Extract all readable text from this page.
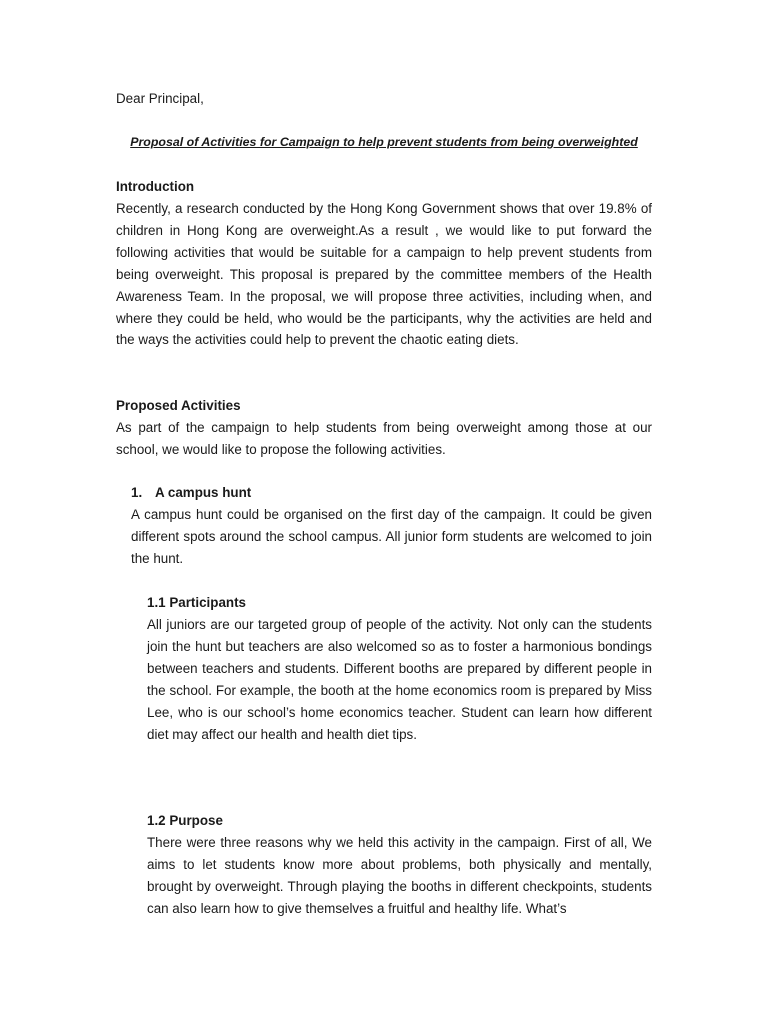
Dear Principal,

Proposal of Activities for Campaign to help prevent students from being overweighted

Introduction

Recently, a research conducted by the Hong Kong Government shows that over 19.8% of children in Hong Kong are overweight.As a result , we would like to put forward the following activities that would be suitable for a campaign to help prevent students from being overweight. This proposal is prepared by the committee members of the Health Awareness Team. In the proposal, we will propose three activities, including when, and where they could be held, who would be the participants, why the activities are held and the ways the activities could help to prevent the chaotic eating diets.

Proposed Activities

As part of the campaign to help students from being overweight among those at our school, we would like to propose the following activities.

1. A campus hunt

A campus hunt could be organised on the first day of the campaign. It could be given different spots around the school campus. All junior form students are welcomed to join the hunt.

1.1 Participants

All juniors are our targeted group of people of the activity. Not only can the students join the hunt but teachers are also welcomed so as to foster a harmonious bondings between teachers and students. Different booths are prepared by different people in the school. For example, the booth at the home economics room is prepared by Miss Lee, who is our school’s home economics teacher. Student can learn how different diet may affect our health and health diet tips.

1.2 Purpose

There were three reasons why we held this activity in the campaign. First of all, We aims to let students know more about problems, both physically and mentally, brought by overweight. Through playing the booths in different checkpoints, students can also learn how to give themselves a fruitful and healthy life. What’s
